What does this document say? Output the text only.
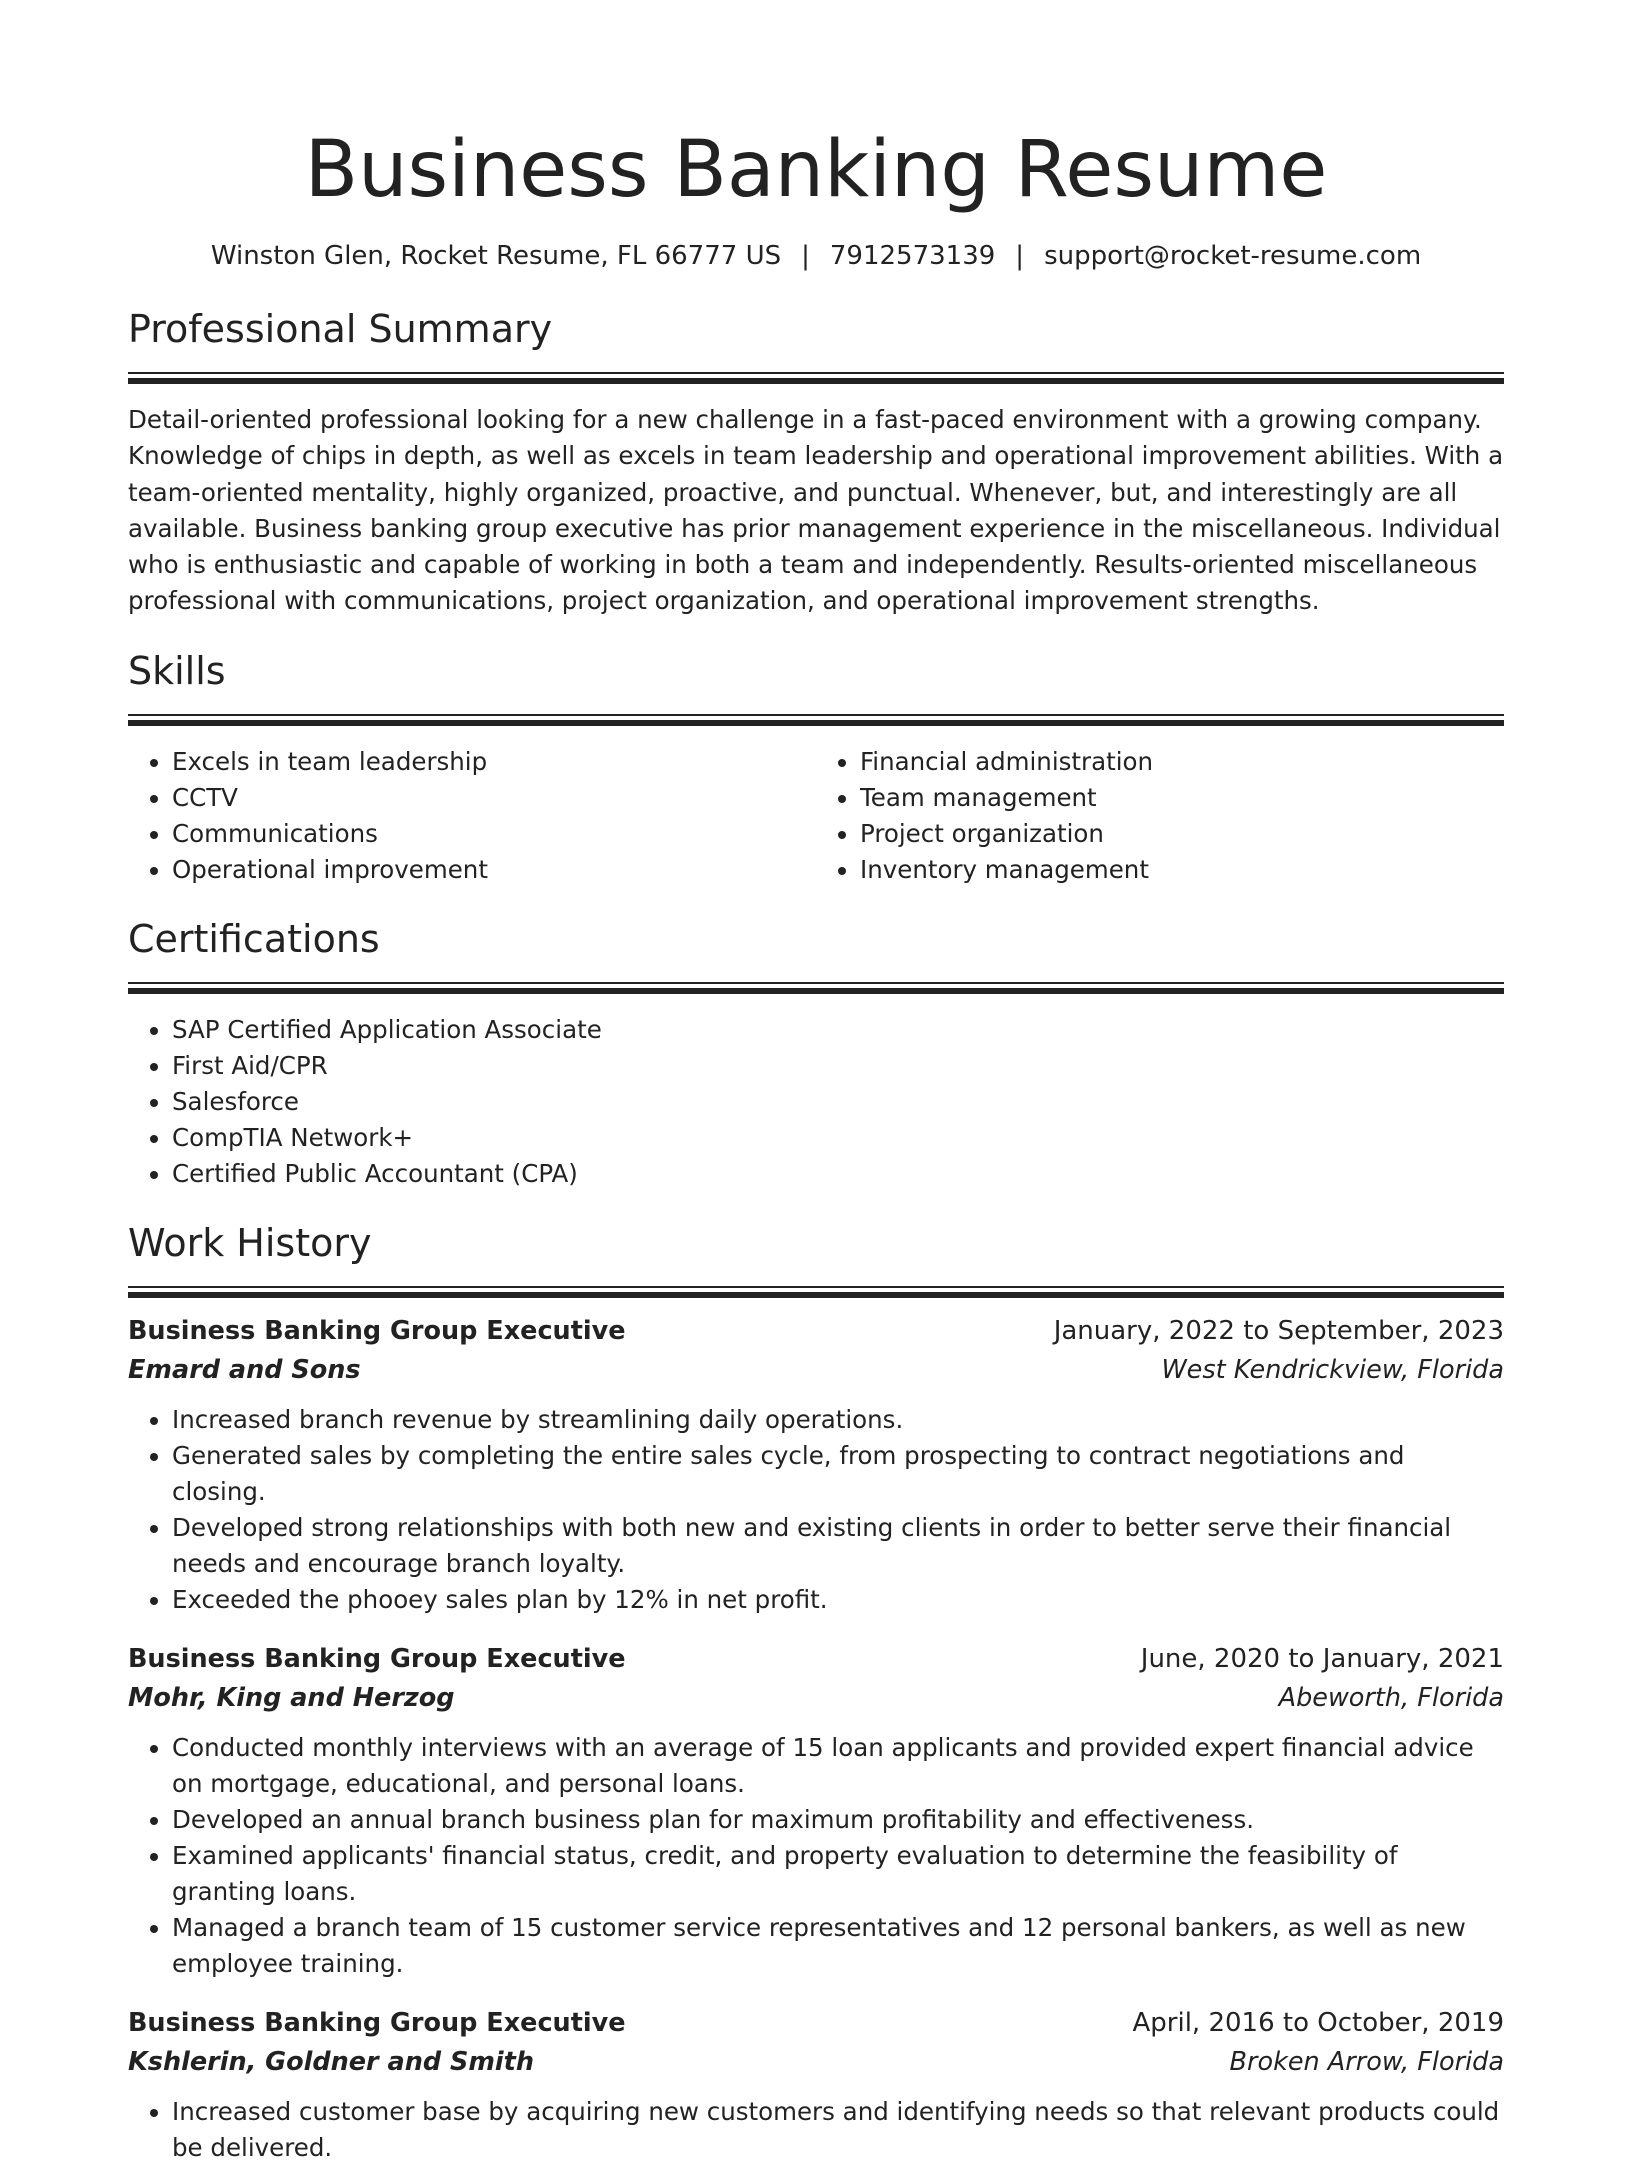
Business Banking Resume
Winston Glen, Rocket Resume, FL 66777 US | 7912573139 | support@rocket-resume.com
Professional Summary

Detail-oriented professional looking for a new challenge in a fast-paced environment with a growing company. Knowledge of chips in depth, as well as excels in team leadership and operational improvement abilities. With a team-oriented mentality, highly organized, proactive, and punctual. Whenever, but, and interestingly are all available. Business banking group executive has prior management experience in the miscellaneous. Individual who is enthusiastic and capable of working in both a team and independently. Results-oriented miscellaneous professional with communications, project organization, and operational improvement strengths.

Skills
• Excels in team leadership
• CCTV
• Communications
• Operational improvement
• Financial administration
• Team management
• Project organization
• Inventory management
Certifications
• SAP Certified Application Associate
• First Aid/CPR
• Salesforce
• CompTIA Network+
• Certified Public Accountant (CPA)
Work History
Business Banking Group Executive	January, 2022 to September, 2023
Emard and Sons	West Kendrickview, Florida
• Increased branch revenue by streamlining daily operations.
• Generated sales by completing the entire sales cycle, from prospecting to contract negotiations and closing.
• Developed strong relationships with both new and existing clients in order to better serve their financial needs and encourage branch loyalty.
• Exceeded the phooey sales plan by 12% in net profit.
Business Banking Group Executive	June, 2020 to January, 2021
Mohr, King and Herzog	Abeworth, Florida
• Conducted monthly interviews with an average of 15 loan applicants and provided expert financial advice on mortgage, educational, and personal loans.
• Developed an annual branch business plan for maximum profitability and effectiveness.
• Examined applicants' financial status, credit, and property evaluation to determine the feasibility of granting loans.
• Managed a branch team of 15 customer service representatives and 12 personal bankers, as well as new employee training.
Business Banking Group Executive	April, 2016 to October, 2019
Kshlerin, Goldner and Smith	Broken Arrow, Florida
• Increased customer base by acquiring new customers and identifying needs so that relevant products could be delivered.
